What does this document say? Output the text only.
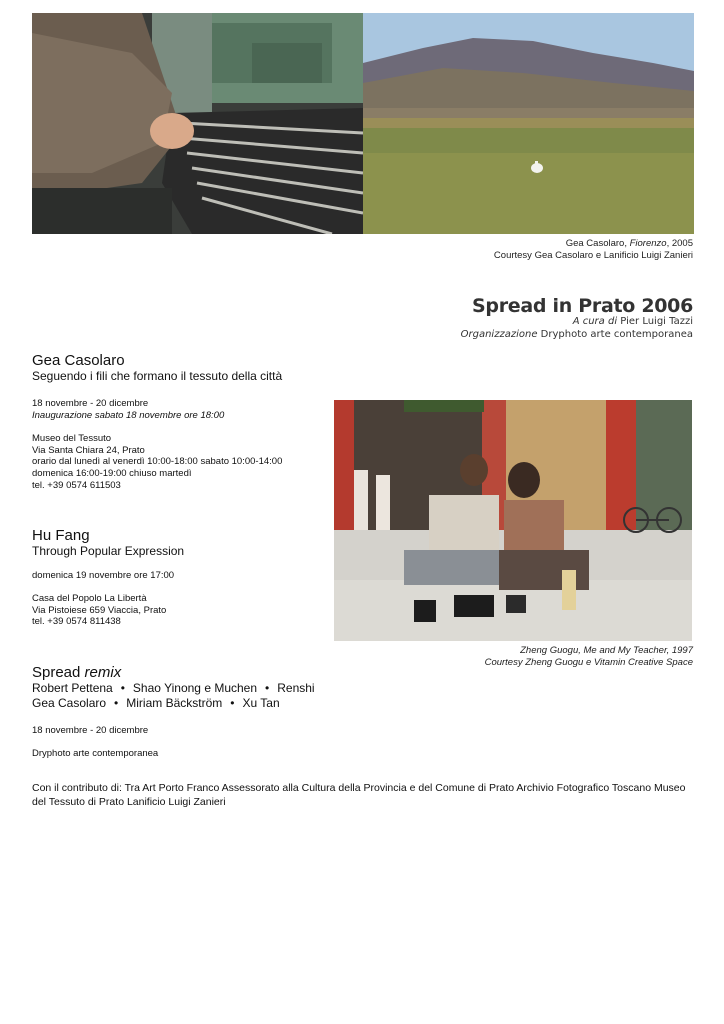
Gea Casolaro, Fiorenzo, 2005
Courtesy Gea Casolaro e Lanificio Luigi Zanieri
Spread in Prato 2006
A cura di Pier Luigi Tazzi
Organizzazione Dryphoto arte contemporanea
Gea Casolaro
Seguendo i fili che formano il tessuto della città
18 novembre - 20 dicembre
Inaugurazione sabato 18 novembre ore 18:00
Museo del Tessuto
Via Santa Chiara 24, Prato
orario dal lunedì al venerdì 10:00-18:00 sabato 10:00-14:00
domenica 16:00-19:00 chiuso martedì
tel. +39 0574 611503
Zheng Guogu, Me and My Teacher, 1997
Courtesy Zheng Guogu e Vitamin Creative Space
Hu Fang
Through Popular Expression
domenica 19 novembre ore 17:00
Casa del Popolo La Libertà
Via Pistoiese 659 Viaccia, Prato
tel. +39 0574 811438
Spread remix
Robert Pettena • Shao Yinong e Muchen • Renshi
Gea Casolaro • Miriam Bäckström • Xu Tan
18 novembre - 20 dicembre
Dryphoto arte contemporanea
Con il contributo di: Tra Art Porto Franco Assessorato alla Cultura della Provincia e del Comune di Prato Archivio Fotografico Toscano Museo del Tessuto di Prato Lanificio Luigi Zanieri
